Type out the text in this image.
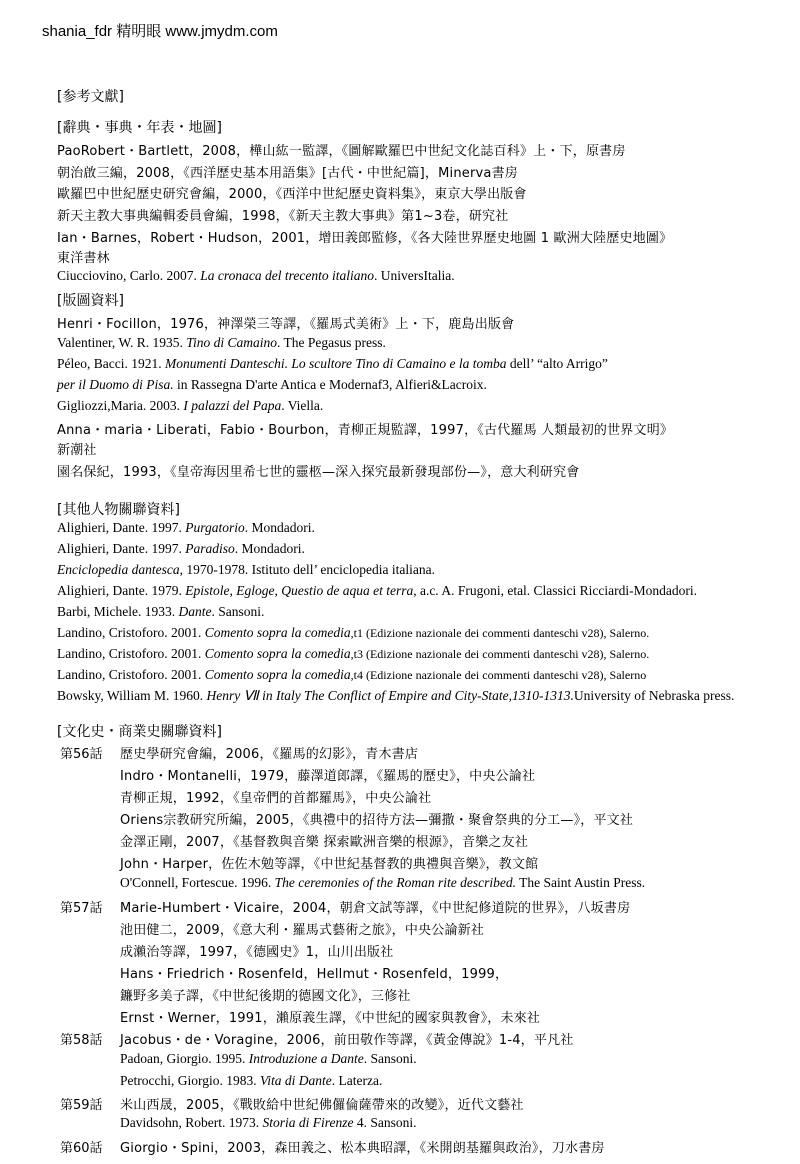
shania_fdr 精明眼 www.jmydm.com
[参考文獻]
[辭典・事典・年表・地圖]
PaoRobert・Bartlett，2008，樺山紘一監譯，《圖解歐羅巴中世紀文化誌百科》上・下，原書房
朝治啟三編，2008，《西洋歷史基本用語集》[古代・中世紀篇]，Minerva書房
歐羅巴中世紀歷史研究會編，2000，《西洋中世紀歷史資料集》，東京大學出版會
新天主教大事典編輯委員會編，1998，《新天主教大事典》第1~3卷，研究社
Ian・Barnes，Robert・Hudson，2001，增田義郎監修，《各大陸世界歷史地圖 1 歐洲大陸歷史地圖》
東洋書林
Ciucciovino, Carlo. 2007. La cronaca del trecento italiano. UniversItalia.
[版圖資料]
Henri・Focillon，1976，神澤榮三等譯，《羅馬式美術》上・下，鹿島出版會
Valentiner, W. R. 1935. Tino di Camaino. The Pegasus press.
Péleo, Bacci. 1921. Monumenti Danteschi. Lo scultore Tino di Camaino e la tomba dell’ “alto Arrigo”
per il Duomo di Pisa. in Rassegna D'arte Antica e Modernaf3, Alfieri&Lacroix.
Gigliozzi,Maria. 2003. I palazzi del Papa. Viella.
Anna・maria・Liberati，Fabio・Bourbon，青柳正規監譯，1997，《古代羅馬 人類最初的世界文明》
新潮社
園名保紀，1993，《皇帝海因里希七世的靈柩—深入探究最新發現部份—》，意大利研究會
[其他人物關聯資料]
Alighieri, Dante. 1997. Purgatorio. Mondadori.
Alighieri, Dante. 1997. Paradiso. Mondadori.
Enciclopedia dantesca, 1970-1978. Istituto dell’ enciclopedia italiana.
Alighieri, Dante. 1979. Epistole, Egloge, Questio de aqua et terra, a.c. A. Frugoni, etal. Classici Ricciardi-Mondadori.
Barbi, Michele. 1933. Dante. Sansoni.
Landino, Cristoforo. 2001. Comento sopra la comedia,t1 (Edizione nazionale dei commenti danteschi v28), Salerno.
Landino, Cristoforo. 2001. Comento sopra la comedia,t3 (Edizione nazionale dei commenti danteschi v28), Salerno.
Landino, Cristoforo. 2001. Comento sopra la comedia,t4 (Edizione nazionale dei commenti danteschi v28), Salerno
Bowsky, William M. 1960. Henry Ⅶ in Italy The Conflict of Empire and City-State,1310-1313.University of Nebraska press.
[文化史・商業史關聯資料]
第56話 歷史學研究會編，2006，《羅馬的幻影》，青木書店
Indro・Montanelli，1979，藤澤道郎譯，《羅馬的歷史》，中央公論社
青柳正規，1992，《皇帝們的首都羅馬》，中央公論社
Oriens宗教研究所編，2005，《典禮中的招待方法—彌撒・聚會祭典的分工—》，平文社
金澤正剛，2007，《基督教與音樂 探索歐洲音樂的根源》，音樂之友社
John・Harper，佐佐木勉等譯，《中世紀基督教的典禮與音樂》，教文館
O'Connell, Fortescue. 1996. The ceremonies of the Roman rite described. The Saint Austin Press.
第57話 Marie-Humbert・Vicaire，2004，朝倉文試等譯，《中世紀修道院的世界》，八坂書房
池田健二，2009，《意大利・羅馬式藝術之旅》，中央公論新社
成瀨治等譯，1997，《德國史》1，山川出版社
Hans・Friedrich・Rosenfeld，Hellmut・Rosenfeld，1999，
鐮野多美子譯，《中世紀後期的德國文化》，三修社
Ernst・Werner，1991，瀨原義生譯，《中世紀的國家與教會》，未來社
第58話 Jacobus・de・Voragine，2006，前田敬作等譯，《黃金傳說》1-4，平凡社
Padoan, Giorgio. 1995. Introduzione a Dante. Sansoni.
Petrocchi, Giorgio. 1983. Vita di Dante. Laterza.
第59話 米山西晟，2005，《戰敗給中世紀佛儸倫薩帶來的改變》，近代文藝社
Davidsohn, Robert. 1973. Storia di Firenze 4. Sansoni.
第60話 Giorgio・Spini，2003，森田義之、松本典昭譯，《米開朗基羅與政治》，刀水書房
